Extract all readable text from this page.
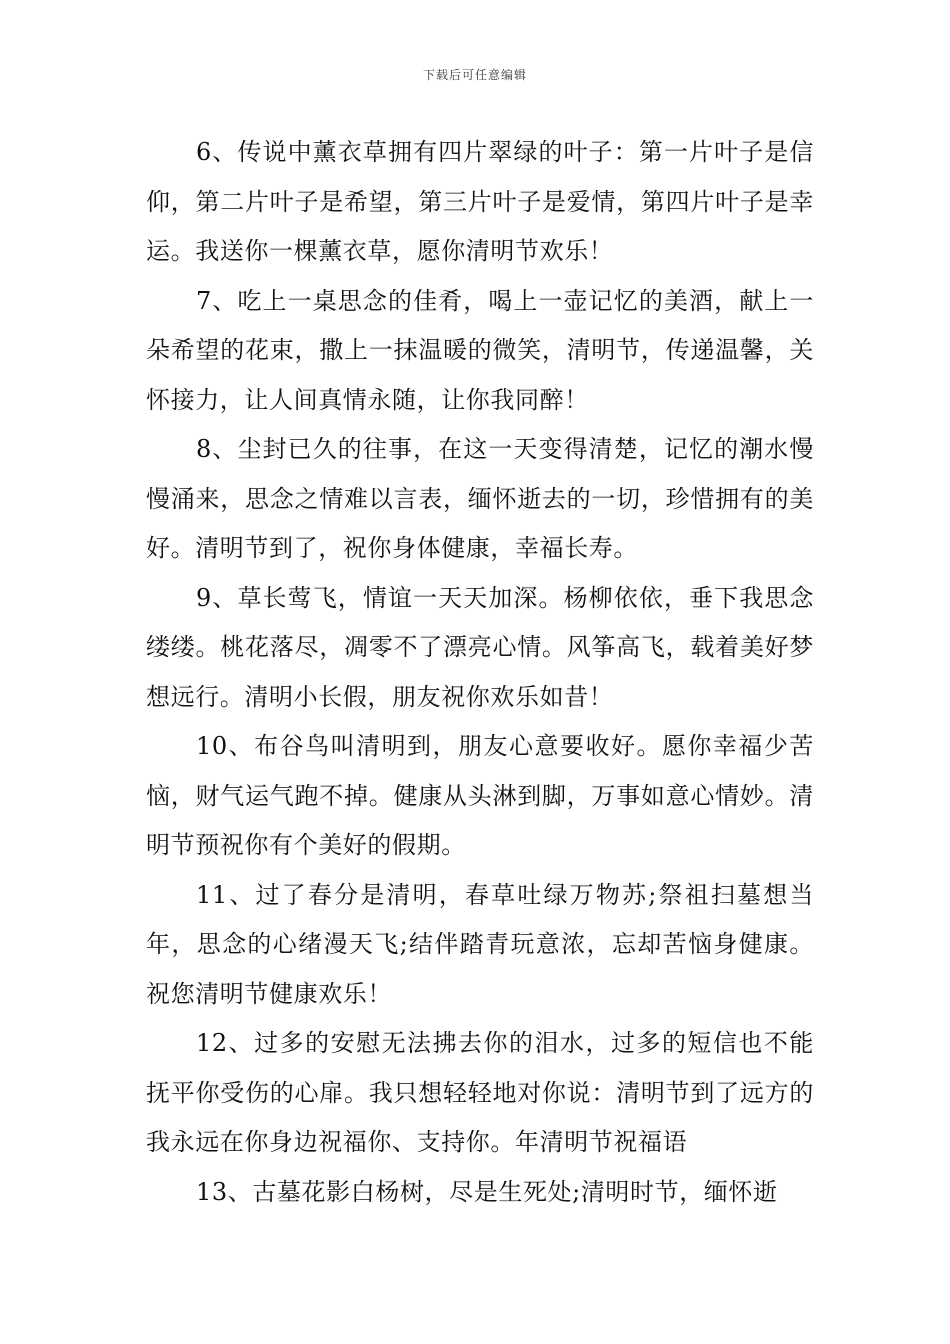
下载后可任意编辑

6、传说中薰衣草拥有四片翠绿的叶子：第一片叶子是信仰，第二片叶子是希望，第三片叶子是爱情，第四片叶子是幸运。我送你一棵薰衣草，愿你清明节欢乐！

7、吃上一桌思念的佳肴，喝上一壶记忆的美酒，献上一朵希望的花束，撒上一抹温暖的微笑，清明节，传递温馨，关怀接力，让人间真情永随，让你我同醉！

8、尘封已久的往事，在这一天变得清楚，记忆的潮水慢慢涌来，思念之情难以言表，缅怀逝去的一切，珍惜拥有的美好。清明节到了，祝你身体健康，幸福长寿。

9、草长莺飞，情谊一天天加深。杨柳依依，垂下我思念缕缕。桃花落尽，凋零不了漂亮心情。风筝高飞，载着美好梦想远行。清明小长假，朋友祝你欢乐如昔！

10、布谷鸟叫清明到，朋友心意要收好。愿你幸福少苦恼，财气运气跑不掉。健康从头淋到脚，万事如意心情妙。清明节预祝你有个美好的假期。

11、过了春分是清明，春草吐绿万物苏;祭祖扫墓想当年，思念的心绪漫天飞;结伴踏青玩意浓，忘却苦恼身健康。祝您清明节健康欢乐！

12、过多的安慰无法拂去你的泪水，过多的短信也不能抚平你受伤的心扉。我只想轻轻地对你说：清明节到了远方的我永远在你身边祝福你、支持你。年清明节祝福语

13、古墓花影白杨树，尽是生死处;清明时节，缅怀逝
